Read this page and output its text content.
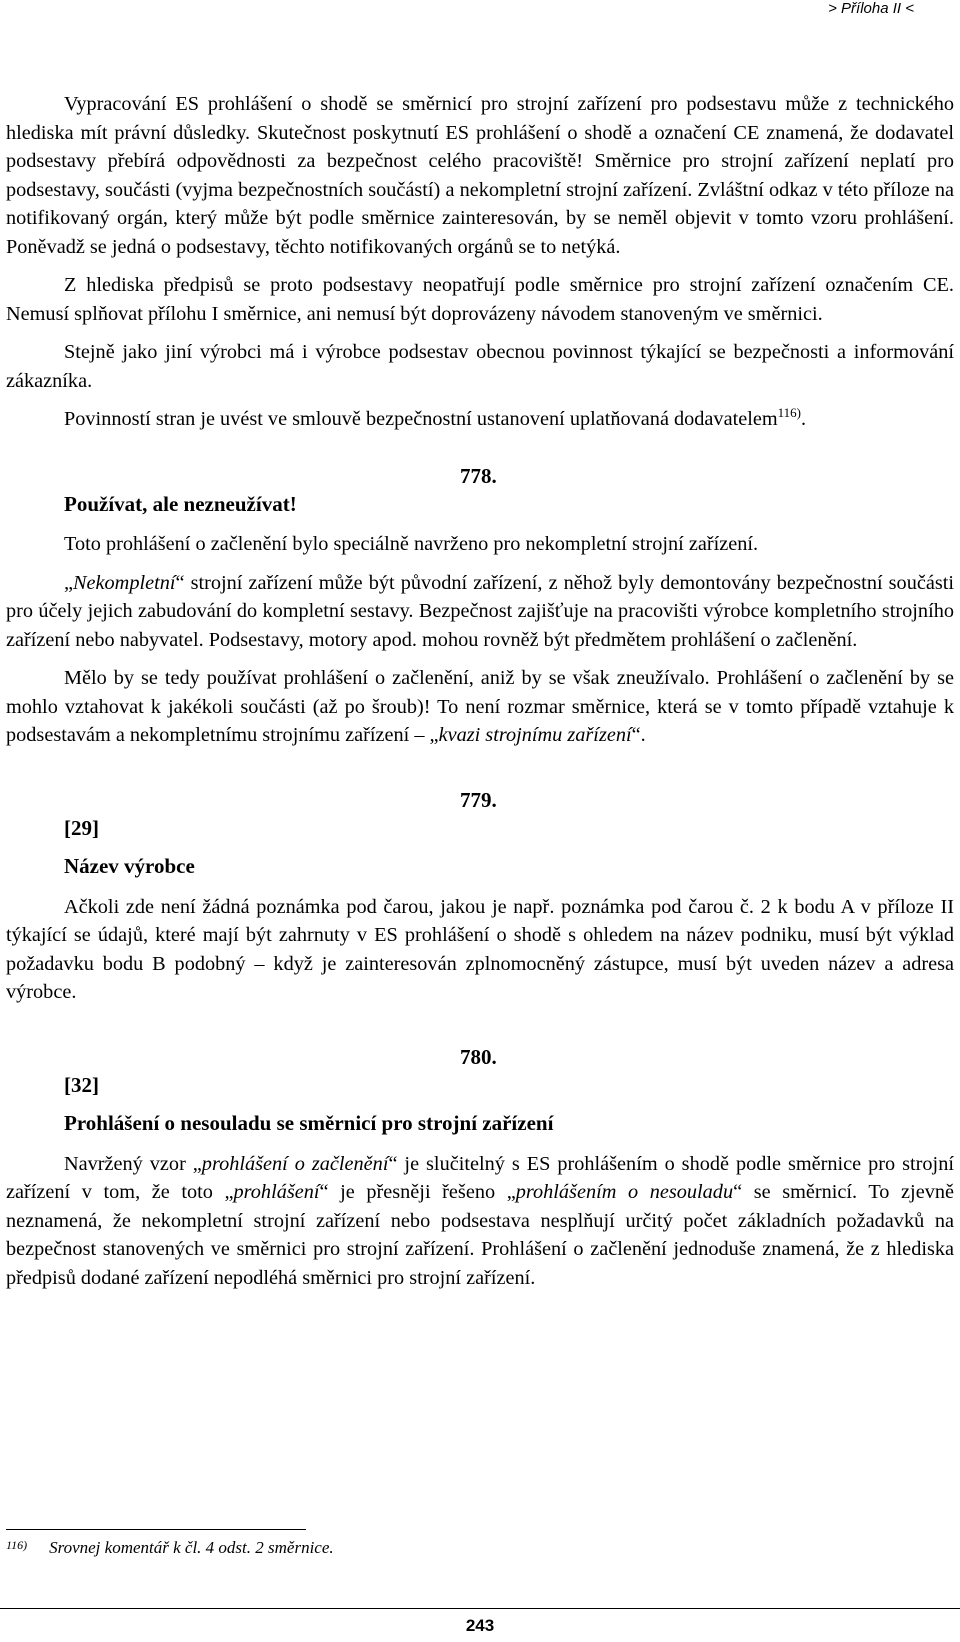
> Příloha II <

Vypracování ES prohlášení o shodě se směrnicí pro strojní zařízení pro podsestavu může z technického hlediska mít právní důsledky. Skutečnost poskytnutí ES prohlášení o shodě a označení CE znamená, že dodavatel podsestavy přebírá odpovědnosti za bezpečnost celého pracoviště! Směrnice pro strojní zařízení neplatí pro podsestavy, součásti (vyjma bezpečnostních součástí) a nekompletní strojní zařízení. Zvláštní odkaz v této příloze na notifikovaný orgán, který může být podle směrnice zainteresován, by se neměl objevit v tomto vzoru prohlášení. Poněvadž se jedná o podsestavy, těchto notifikovaných orgánů se to netýká.

Z hlediska předpisů se proto podsestavy neopatřují podle směrnice pro strojní zařízení označením CE. Nemusí splňovat přílohu I směrnice, ani nemusí být doprovázeny návodem stanoveným ve směrnici.

Stejně jako jiní výrobci má i výrobce podsestav obecnou povinnost týkající se bezpečnosti a informování zákazníka.

Povinností stran je uvést ve smlouvě bezpečnostní ustanovení uplatňovaná dodavatelem$^{116)}$.

778.
Používat, ale nezneužívat!

Toto prohlášení o začlenění bylo speciálně navrženo pro nekompletní strojní zařízení.

„Nekompletní“ strojní zařízení může být původní zařízení, z něhož byly demontovány bezpečnostní součásti pro účely jejich zabudování do kompletní sestavy. Bezpečnost zajišťuje na pracovišti výrobce kompletního strojního zařízení nebo nabyvatel. Podsestavy, motory apod. mohou rovněž být předmětem prohlášení o začlenění.

Mělo by se tedy používat prohlášení o začlenění, aniž by se však zneužívalo. Prohlášení o začlenění by se mohlo vztahovat k jakékoli součásti (až po šroub)! To není rozmar směrnice, která se v tomto případě vztahuje k podsestavám a nekompletnímu strojnímu zařízení – „kvazi strojnímu zařízení“.

779.
[29]
Název výrobce

Ačkoli zde není žádná poznámka pod čarou, jakou je např. poznámka pod čarou č. 2 k bodu A v příloze II týkající se údajů, které mají být zahrnuty v ES prohlášení o shodě s ohledem na název podniku, musí být výklad požadavku bodu B podobný – když je zainteresován zplnomocněný zástupce, musí být uveden název a adresa výrobce.

780.
[32]
Prohlášení o nesouladu se směrnicí pro strojní zařízení

Navržený vzor „prohlášení o začlenění“ je slučitelný s ES prohlášením o shodě podle směrnice pro strojní zařízení v tom, že toto „prohlášení“ je přesněji řešeno „prohlášením o nesouladu“ se směrnicí. To zjevně neznamená, že nekompletní strojní zařízení nebo podsestava nesplňují určitý počet základních požadavků na bezpečnost stanovených ve směrnici pro strojní zařízení. Prohlášení o začlenění jednoduše znamená, že z hlediska předpisů dodané zařízení nepodléhá směrnici pro strojní zařízení.

$^{116)}$ Srovnej komentář k čl. 4 odst. 2 směrnice.
243
